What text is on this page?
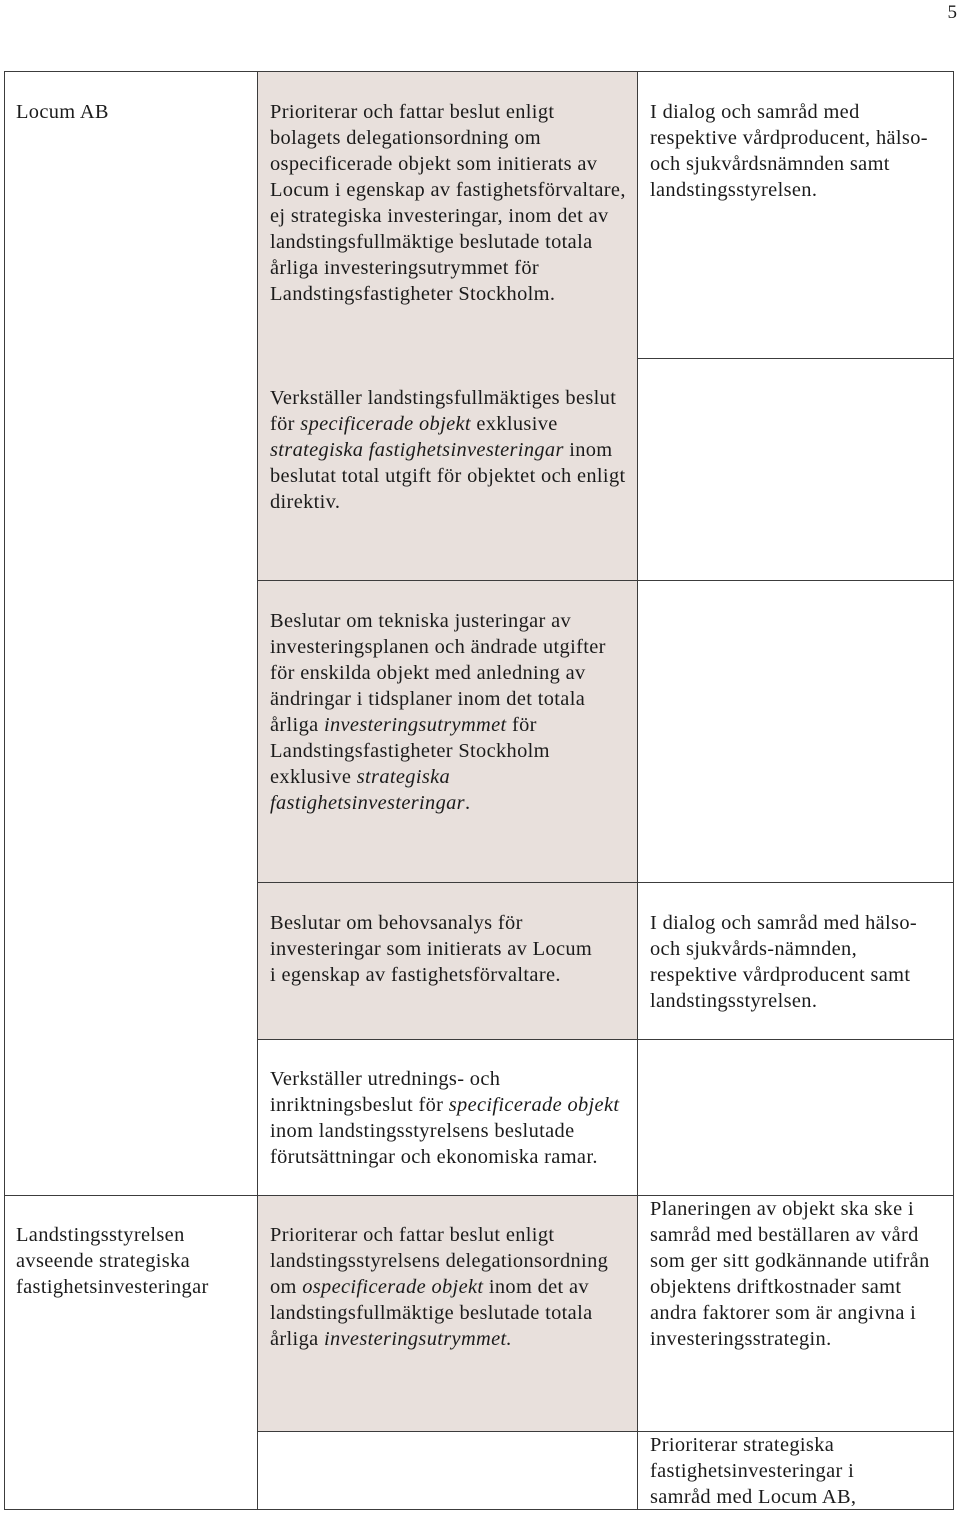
5
Locum AB	Prioriterar och fattar beslut enligt bolagets delegationsordning om ospecificerade objekt som initierats av Locum i egenskap av fastighetsförvaltare, ej strategiska investeringar, inom det av landstingsfullmäktige beslutade totala årliga investeringsutrymmet för Landstingsfastigheter Stockholm.
I dialog och samråd med respektive vårdproducent, hälso- och sjukvårdsnämnden samt landstingsstyrelsen.
Verkställer landstingsfullmäktiges beslut för specificerade objekt exklusive strategiska fastighetsinvesteringar inom beslutat total utgift för objektet och enligt direktiv.
Beslutar om tekniska justeringar av investeringsplanen och ändrade utgifter för enskilda objekt med anledning av ändringar i tidsplaner inom det totala årliga investeringsutrymmet för Landstingsfastigheter Stockholm exklusive strategiska fastighetsinvesteringar.
Beslutar om behovsanalys för investeringar som initierats av Locum i egenskap av fastighetsförvaltare.
I dialog och samråd med hälso- och sjukvårds-nämnden, respektive vårdproducent samt landstingsstyrelsen.
Verkställer utrednings- och inriktningsbeslut för specificerade objekt inom landstingsstyrelsens beslutade förutsättningar och ekonomiska ramar.
Landstingsstyrelsen avseende strategiska fastighetsinvesteringar
Prioriterar och fattar beslut enligt landstingsstyrelsens delegationsordning om ospecificerade objekt inom det av landstingsfullmäktige beslutade totala årliga investeringsutrymmet.
Planeringen av objekt ska ske i samråd med beställaren av vård som ger sitt godkännande utifrån objektens driftkostnader samt andra faktorer som är angivna i investeringsstrategin.
Prioriterar strategiska fastighetsinvesteringar i samråd med Locum AB,
